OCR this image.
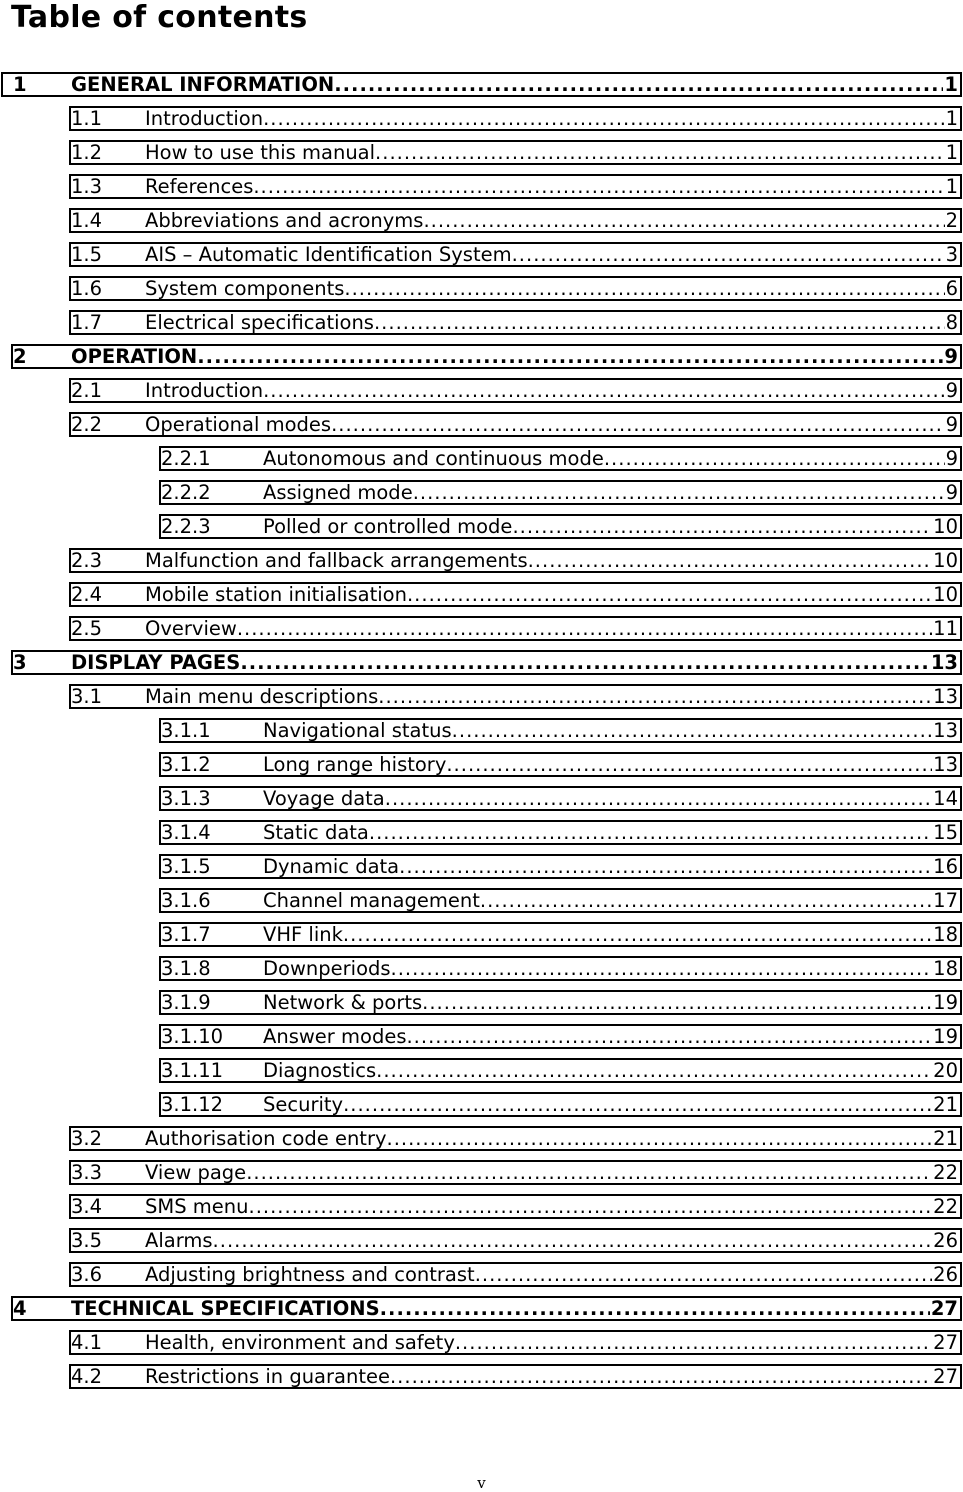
Table of contents
1	GENERAL INFORMATION .....	1
1.1	Introduction .....	1
1.2	How to use this manual .....	1
1.3	References .....	1
1.4	Abbreviations and acronyms .....	2
1.5	AIS – Automatic Identification System .....	3
1.6	System components .....	6
1.7	Electrical specifications .....	8
2	OPERATION .....	9
2.1	Introduction .....	9
2.2	Operational modes .....	9
2.2.1	Autonomous and continuous mode .....	9
2.2.2	Assigned mode .....	9
2.2.3	Polled or controlled mode .....	10
2.3	Malfunction and fallback arrangements .....	10
2.4	Mobile station initialisation .....	10
2.5	Overview .....	11
3	DISPLAY PAGES .....	13
3.1	Main menu descriptions .....	13
3.1.1	Navigational status .....	13
3.1.2	Long range history .....	13
3.1.3	Voyage data .....	14
3.1.4	Static data .....	15
3.1.5	Dynamic data .....	16
3.1.6	Channel management .....	17
3.1.7	VHF link .....	18
3.1.8	Downperiods .....	18
3.1.9	Network & ports .....	19
3.1.10	Answer modes .....	19
3.1.11	Diagnostics .....	20
3.1.12	Security .....	21
3.2	Authorisation code entry .....	21
3.3	View page .....	22
3.4	SMS menu .....	22
3.5	Alarms .....	26
3.6	Adjusting brightness and contrast .....	26
4	TECHNICAL SPECIFICATIONS .....	27
4.1	Health, environment and safety .....	27
4.2	Restrictions in guarantee .....	27
v
